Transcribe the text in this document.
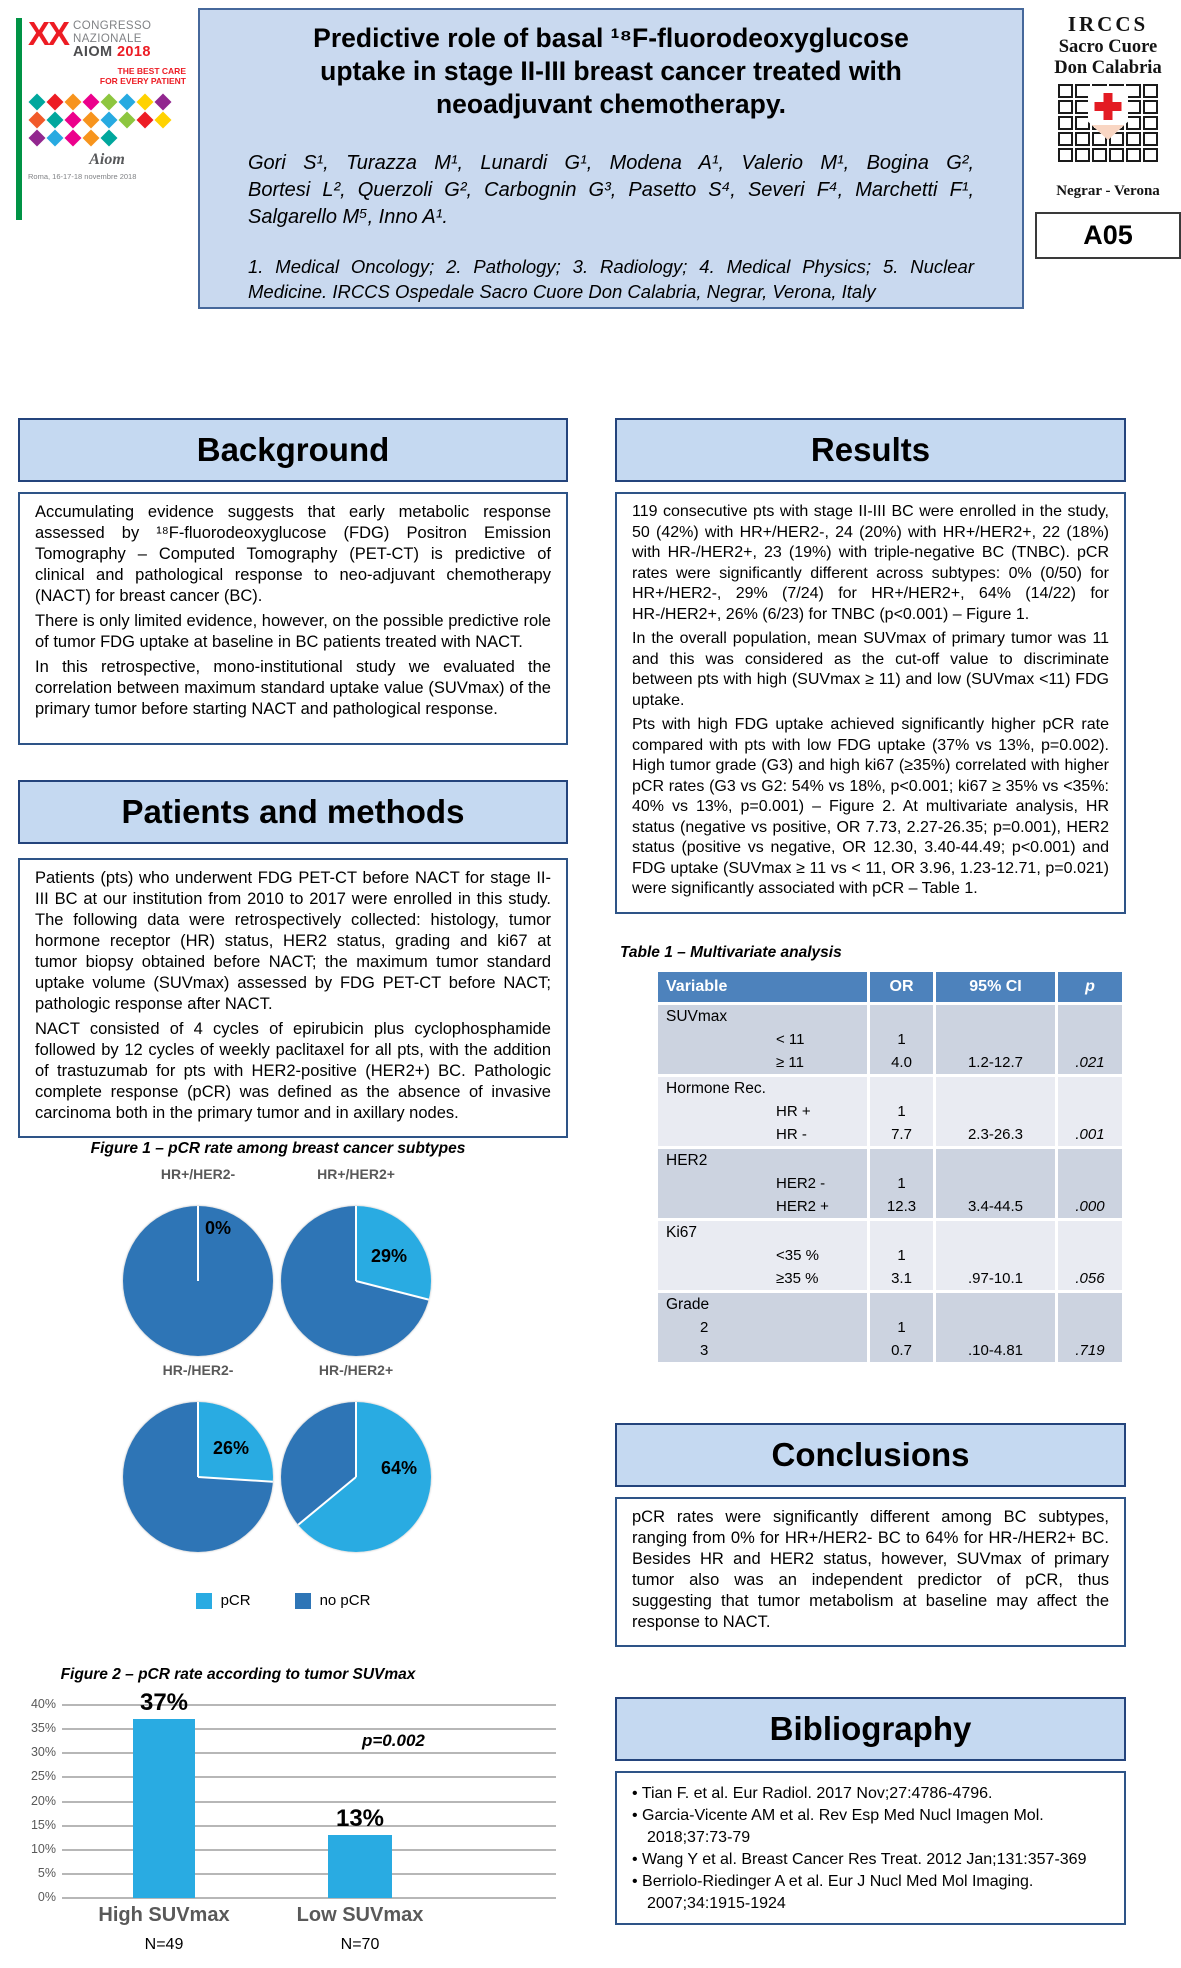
XX CONGRESSO
NAZIONALE
AIOM 2018
THE BEST CARE
FOR EVERY PATIENT
Aiom
Roma, 16-17-18 novembre 2018
Predictive role of basal ¹⁸F-fluorodeoxyglucose
uptake in stage II-III breast cancer treated with
neoadjuvant chemotherapy.
Gori S¹, Turazza M¹, Lunardi G¹, Modena A¹, Valerio M¹, Bogina G²,
Bortesi L², Querzoli G², Carbognin G³, Pasetto S⁴, Severi F⁴, Marchetti F¹,
Salgarello M⁵, Inno A¹.
1. Medical Oncology; 2. Pathology; 3. Radiology; 4. Medical Physics; 5. Nuclear
Medicine. IRCCS Ospedale Sacro Cuore Don Calabria, Negrar, Verona, Italy
IRCCS
Sacro Cuore
Don Calabria
Negrar - Verona
A05
Background

Accumulating evidence suggests that early metabolic response assessed by ¹⁸F-fluorodeoxyglucose (FDG) Positron Emission Tomography – Computed Tomography (PET-CT) is predictive of clinical and pathological response to neo-adjuvant chemotherapy (NACT) for breast cancer (BC).

There is only limited evidence, however, on the possible predictive role of tumor FDG uptake at baseline in BC patients treated with NACT.

In this retrospective, mono-institutional study we evaluated the correlation between maximum standard uptake value (SUVmax) of the primary tumor before starting NACT and pathological response.

Patients and methods

Patients (pts) who underwent FDG PET-CT before NACT for stage II-III BC at our institution from 2010 to 2017 were enrolled in this study. The following data were retrospectively collected: histology, tumor hormone receptor (HR) status, HER2 status, grading and ki67 at tumor biopsy obtained before NACT; the maximum tumor standard uptake volume (SUVmax) assessed by FDG PET-CT before NACT; pathologic response after NACT.

NACT consisted of 4 cycles of epirubicin plus cyclophosphamide followed by 12 cycles of weekly paclitaxel for all pts, with the addition of trastuzumab for pts with HER2-positive (HER2+) BC. Pathologic complete response (pCR) was defined as the absence of invasive carcinoma both in the primary tumor and in axillary nodes.

Figure 1 – pCR rate among breast cancer subtypes
HR+/HER2-
0%
HR+/HER2+
29%
HR-/HER2-
26%
HR-/HER2+
64%
pCR	no pCR
Figure 2 – pCR rate according to tumor SUVmax
p=0.002
37%
13%
0%
5%
10%
15%
20%
25%
30%
35%
40%
High SUVmax
N=49
Low SUVmax
N=70
Results

119 consecutive pts with stage II-III BC were enrolled in the study, 50 (42%) with HR+/HER2-, 24 (20%) with HR+/HER2+, 22 (18%) with HR-/HER2+, 23 (19%) with triple-negative BC (TNBC). pCR rates were significantly different across subtypes: 0% (0/50) for HR+/HER2-, 29% (7/24) for HR+/HER2+, 64% (14/22) for HR-/HER2+, 26% (6/23) for TNBC (p<0.001) – Figure 1.

In the overall population, mean SUVmax of primary tumor was 11 and this was considered as the cut-off value to discriminate between pts with high (SUVmax ≥ 11) and low (SUVmax <11) FDG uptake.

Pts with high FDG uptake achieved significantly higher pCR rate compared with pts with low FDG uptake (37% vs 13%, p=0.002). High tumor grade (G3) and high ki67 (≥35%) correlated with higher pCR rates (G3 vs G2: 54% vs 18%, p<0.001; ki67 ≥ 35% vs <35%: 40% vs 13%, p=0.001) – Figure 2. At multivariate analysis, HR status (negative vs positive, OR 7.73, 2.27-26.35; p=0.001), HER2 status (positive vs negative, OR 12.30, 3.40-44.49; p<0.001) and FDG uptake (SUVmax ≥ 11 vs < 11, OR 3.96, 1.23-12.71, p=0.021) were significantly associated with pCR – Table 1.

Table 1 – Multivariate analysis
Variable	OR	95% CI	p
SUVmax
< 11	1
≥ 11	4.0	1.2-12.7	.021
Hormone Rec.
HR +	1
HR -	7.7	2.3-26.3	.001
HER2
HER2 -	1
HER2 +	12.3	3.4-44.5	.000
Ki67
<35 %	1
≥35 %	3.1	.97-10.1	.056
Grade
2	1
3	0.7	.10-4.81	.719
Conclusions

pCR rates were significantly different among BC subtypes, ranging from 0% for HR+/HER2- BC to 64% for HR-/HER2+ BC. Besides HR and HER2 status, however, SUVmax of primary tumor also was an independent predictor of pCR, thus suggesting that tumor metabolism at baseline may affect the response to NACT.

Bibliography
• Tian F. et al. Eur Radiol. 2017 Nov;27:4786-4796.
• Garcia-Vicente AM et al. Rev Esp Med Nucl Imagen Mol. 2018;37:73-79
• Wang Y et al. Breast Cancer Res Treat. 2012 Jan;131:357-369
• Berriolo-Riedinger A et al. Eur J Nucl Med Mol Imaging. 2007;34:1915-1924
